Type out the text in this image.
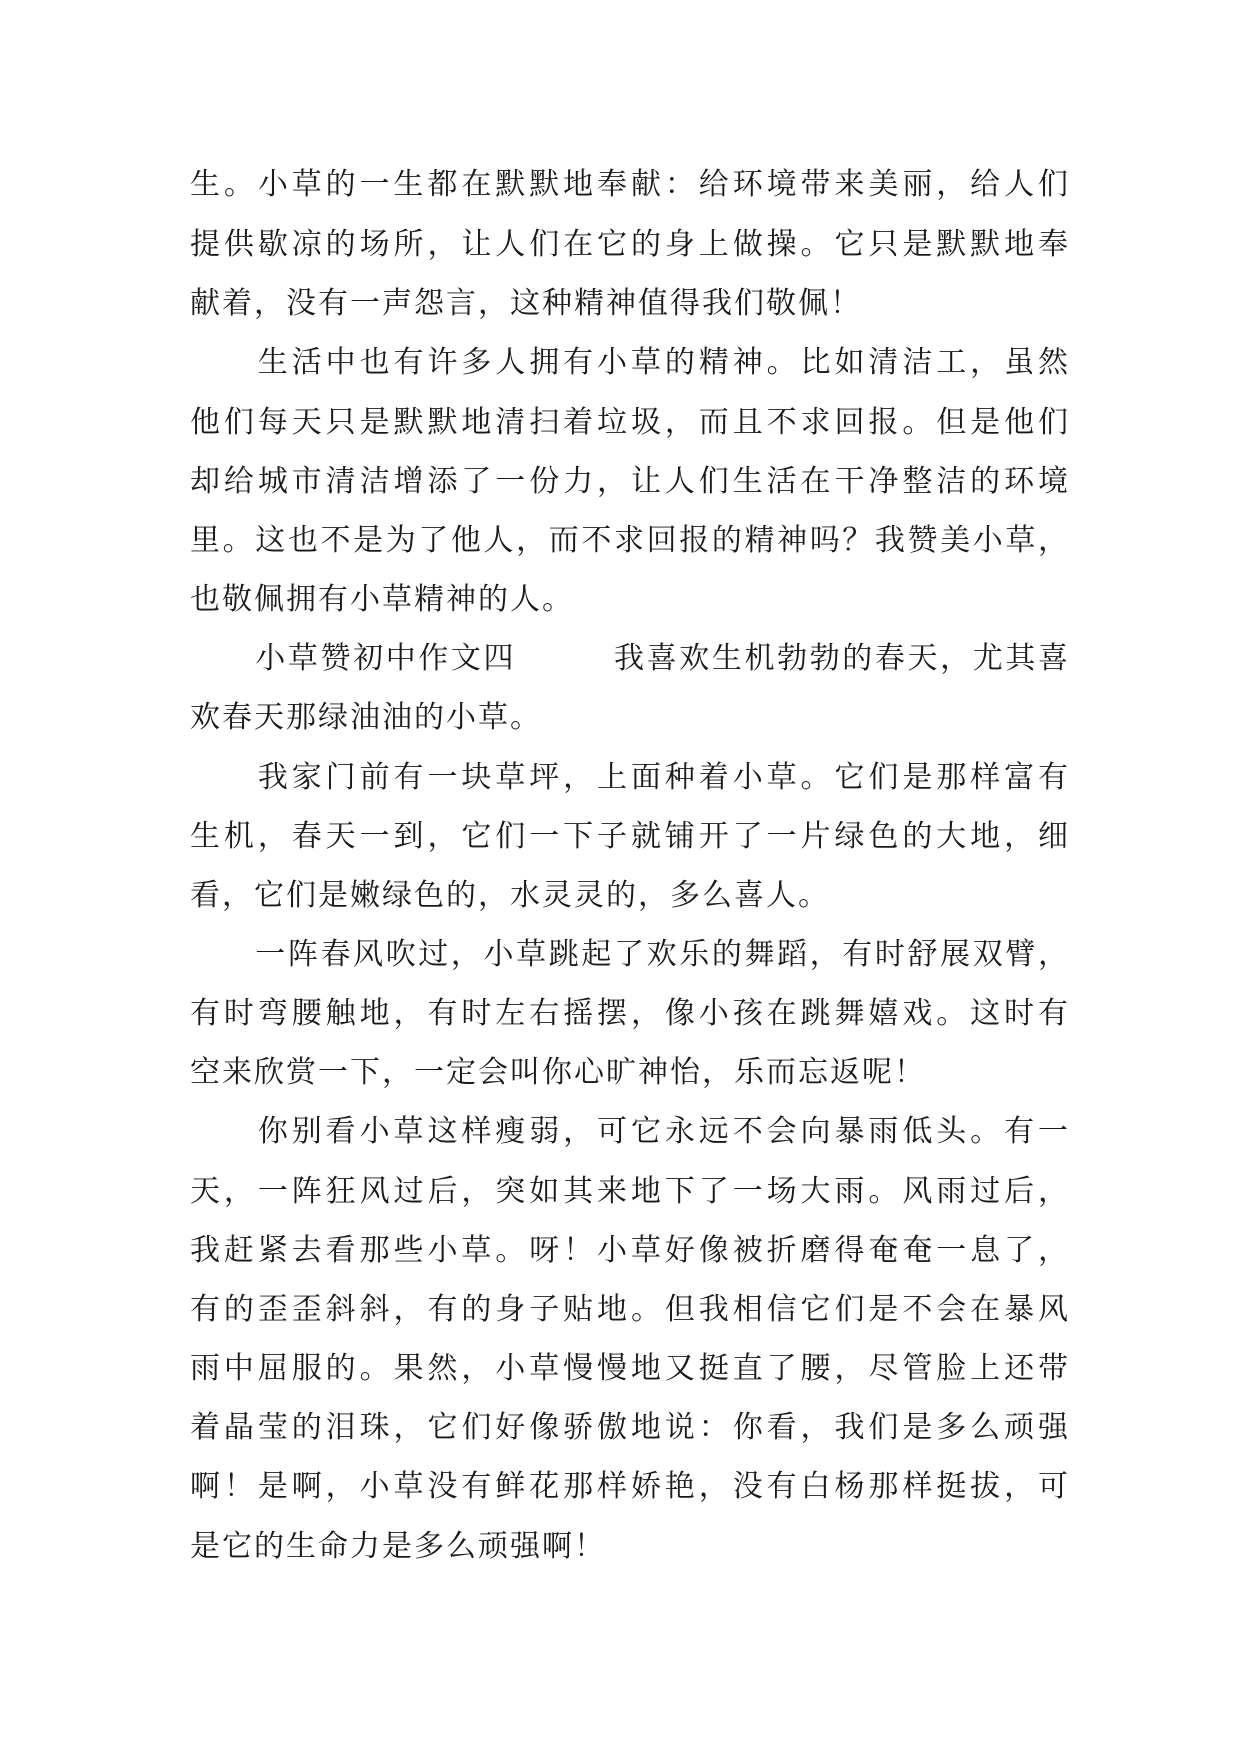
生。小草的一生都在默默地奉献：给环境带来美丽，给人们
提供歇凉的场所，让人们在它的身上做操。它只是默默地奉
献着，没有一声怨言，这种精神值得我们敬佩！
　　生活中也有许多人拥有小草的精神。比如清洁工，虽然
他们每天只是默默地清扫着垃圾，而且不求回报。但是他们
却给城市清洁增添了一份力，让人们生活在干净整洁的环境
里。这也不是为了他人，而不求回报的精神吗？我赞美小草，
也敬佩拥有小草精神的人。
　　小草赞初中作文四　　　我喜欢生机勃勃的春天，尤其喜
欢春天那绿油油的小草。
　　我家门前有一块草坪，上面种着小草。它们是那样富有
生机，春天一到，它们一下子就铺开了一片绿色的大地，细
看，它们是嫩绿色的，水灵灵的，多么喜人。
　　一阵春风吹过，小草跳起了欢乐的舞蹈，有时舒展双臂，
有时弯腰触地，有时左右摇摆，像小孩在跳舞嬉戏。这时有
空来欣赏一下，一定会叫你心旷神怡，乐而忘返呢！
　　你别看小草这样瘦弱，可它永远不会向暴雨低头。有一
天，一阵狂风过后，突如其来地下了一场大雨。风雨过后，
我赶紧去看那些小草。呀！小草好像被折磨得奄奄一息了，
有的歪歪斜斜，有的身子贴地。但我相信它们是不会在暴风
雨中屈服的。果然，小草慢慢地又挺直了腰，尽管脸上还带
着晶莹的泪珠，它们好像骄傲地说：你看，我们是多么顽强
啊！是啊，小草没有鲜花那样娇艳，没有白杨那样挺拔，可
是它的生命力是多么顽强啊！
